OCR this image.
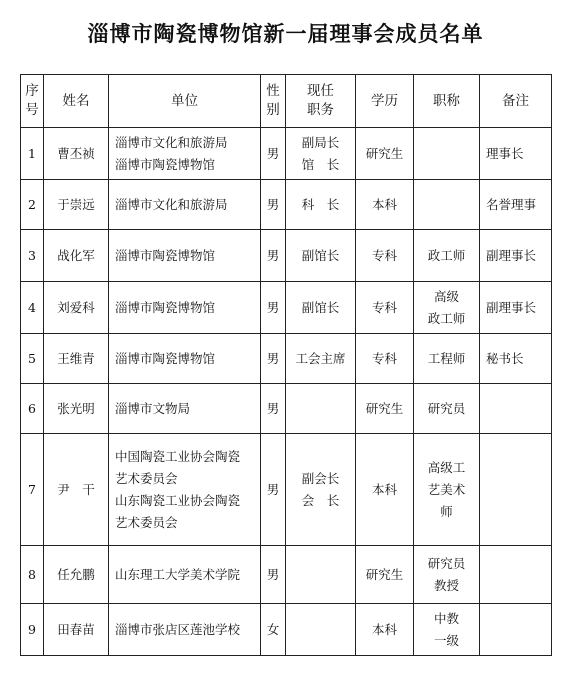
淄博市陶瓷博物馆新一届理事会成员名单
序
号	姓名	单位	性
别	现任
职务	学历	职称	备注
1	曹丕祯	淄博市文化和旅游局
淄博市陶瓷博物馆	男	副局长
馆　长	研究生		理事长
2	于崇远	淄博市文化和旅游局	男	科　长	本科		名誉理事
3	战化军	淄博市陶瓷博物馆	男	副馆长	专科	政工师	副理事长
4	刘爱科	淄博市陶瓷博物馆	男	副馆长	专科	高级
政工师	副理事长
5	王维青	淄博市陶瓷博物馆	男	工会主席	专科	工程师	秘书长
6	张光明	淄博市文物局	男		研究生	研究员	

7	尹　干	中国陶瓷工业协会陶瓷
艺术委员会
山东陶瓷工业协会陶瓷
艺术委员会	男	副会长
会　长	本科	高级工
艺美术
师	

8	任允鹏	山东理工大学美术学院	男		研究生	研究员
教授	

9	田春苗	淄博市张店区莲池学校	女		本科	中教
一级	
